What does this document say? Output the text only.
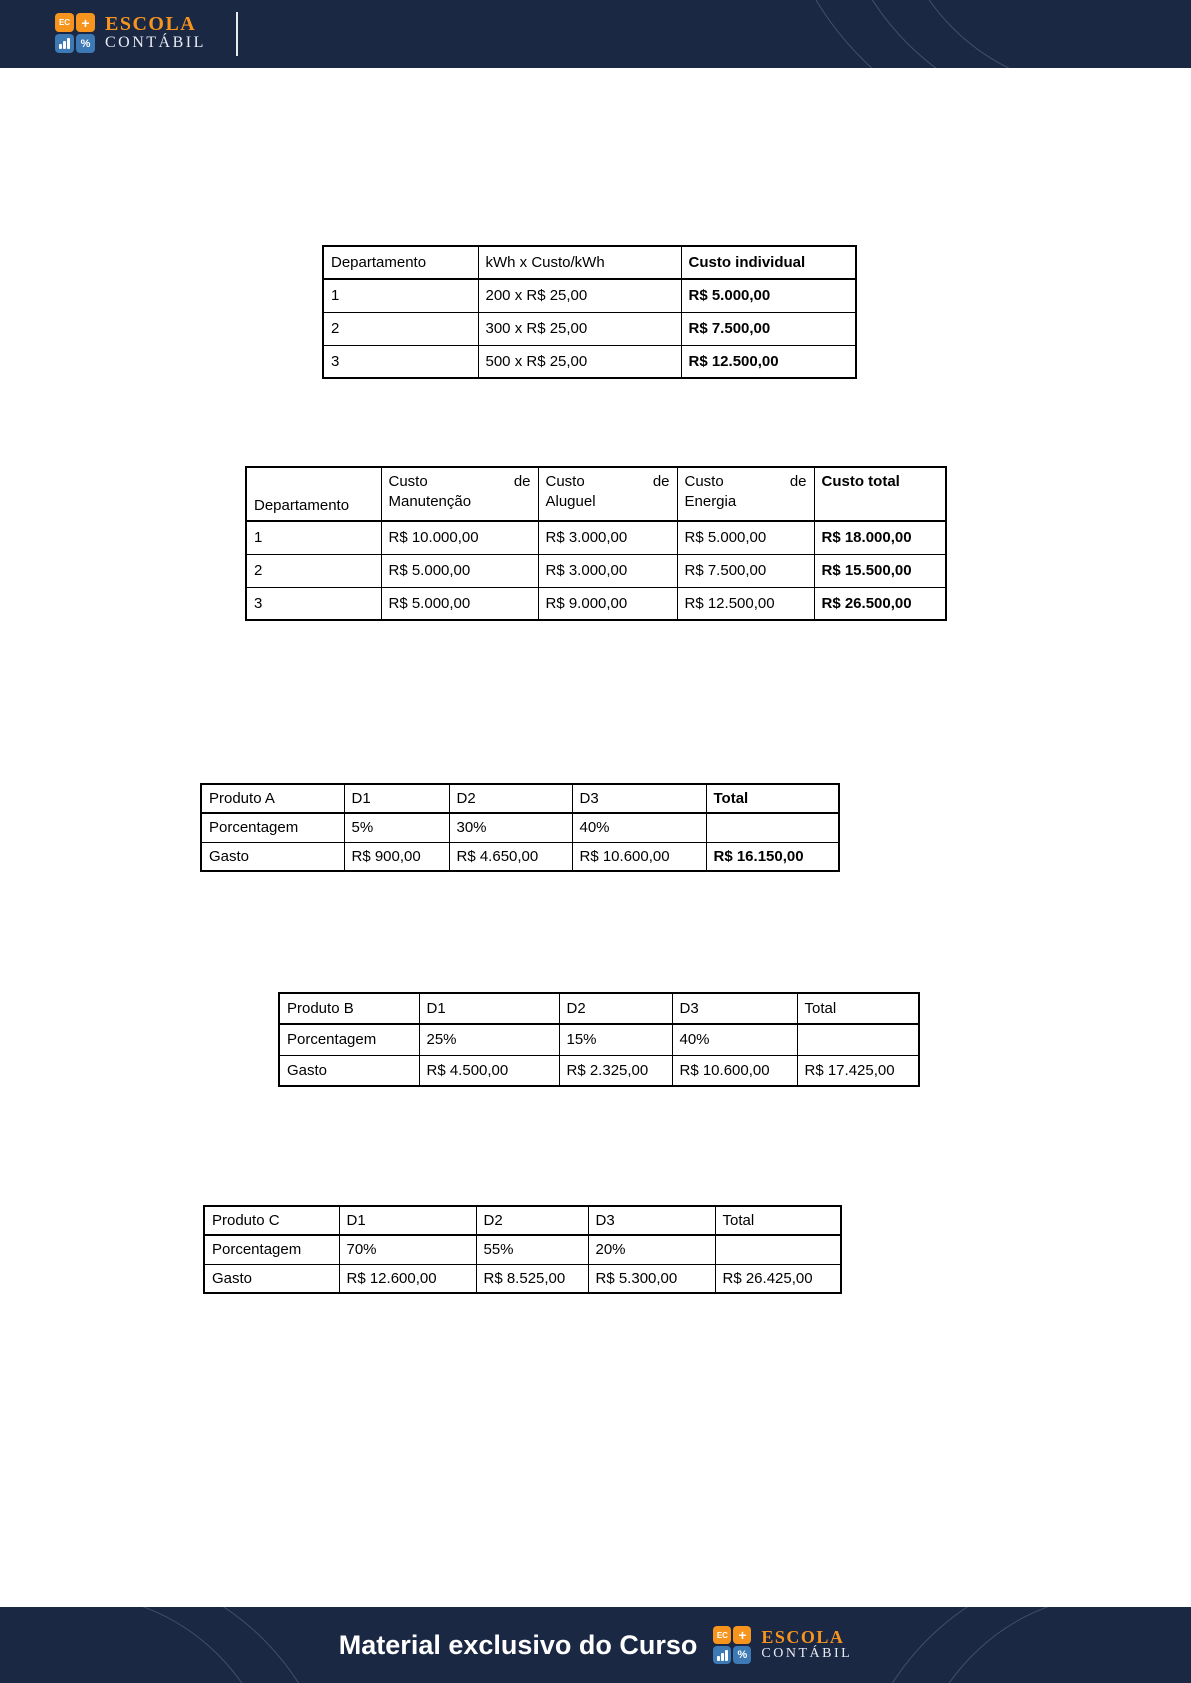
EC +
%
ESCOLA
CONTÁBIL
Departamento	kWh x Custo/kWh	Custo individual
1	200 x R$ 25,00	R$ 5.000,00
2	300 x R$ 25,00	R$ 7.500,00
3	500 x R$ 25,00	R$ 12.500,00
Departamento	
Custo	de
Manutenção

Custo	de
Aluguel

Custo	de
Energia
	Custo total
1	R$ 10.000,00	R$ 3.000,00	R$ 5.000,00	R$ 18.000,00
2	R$ 5.000,00	R$ 3.000,00	R$ 7.500,00	R$ 15.500,00
3	R$ 5.000,00	R$ 9.000,00	R$ 12.500,00	R$ 26.500,00
Produto A	D1	D2	D3	Total
Porcentagem	5%	30%	40%	
Gasto	R$ 900,00	R$ 4.650,00	R$ 10.600,00	R$ 16.150,00
Produto B	D1	D2	D3	Total
Porcentagem	25%	15%	40%	
Gasto	R$ 4.500,00	R$ 2.325,00	R$ 10.600,00	R$ 17.425,00
Produto C	D1	D2	D3	Total
Porcentagem	70%	55%	20%	
Gasto	R$ 12.600,00	R$ 8.525,00	R$ 5.300,00	R$ 26.425,00
Material exclusivo do Curso	EC +
%
ESCOLA
CONTÁBIL
